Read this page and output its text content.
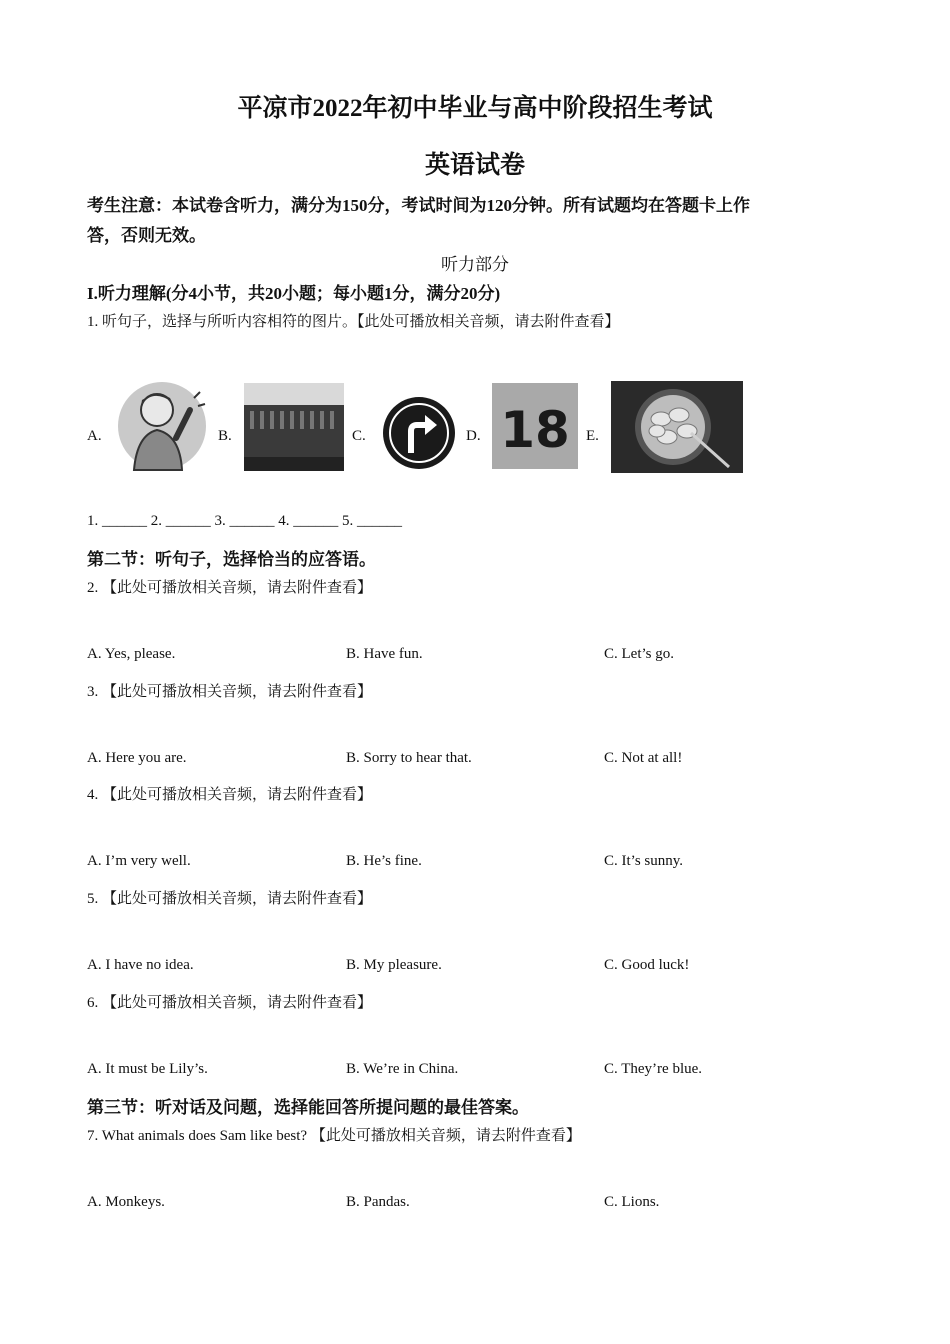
平凉市2022年初中毕业与高中阶段招生考试
英语试卷
考生注意：本试卷含听力，满分为150分，考试时间为120分钟。所有试题均在答题卡上作
答，否则无效。
听力部分
I.听力理解(分4小节，共20小题；每小题1分，满分20分)
1. 听句子，选择与所听内容相符的图片。【此处可播放相关音频，请去附件查看】
A.	B.	C.	D. 18 E.
1. ______ 2. ______ 3. ______ 4. ______ 5. ______
第二节：听句子，选择恰当的应答语。
2. 【此处可播放相关音频，请去附件查看】
A. Yes, please.	B. Have fun.	C. Let’s go.
3. 【此处可播放相关音频，请去附件查看】
A. Here you are.	B. Sorry to hear that.	C. Not at all!
4. 【此处可播放相关音频，请去附件查看】
A. I’m very well.	B. He’s fine.	C. It’s sunny.
5. 【此处可播放相关音频，请去附件查看】
A. I have no idea.	B. My pleasure.	C. Good luck!
6. 【此处可播放相关音频，请去附件查看】
A. It must be Lily’s.	B. We’re in China.	C. They’re blue.
第三节：听对话及问题，选择能回答所提问题的最佳答案。
7. What animals does Sam like best? 【此处可播放相关音频，请去附件查看】
A. Monkeys.	B. Pandas.	C. Lions.
